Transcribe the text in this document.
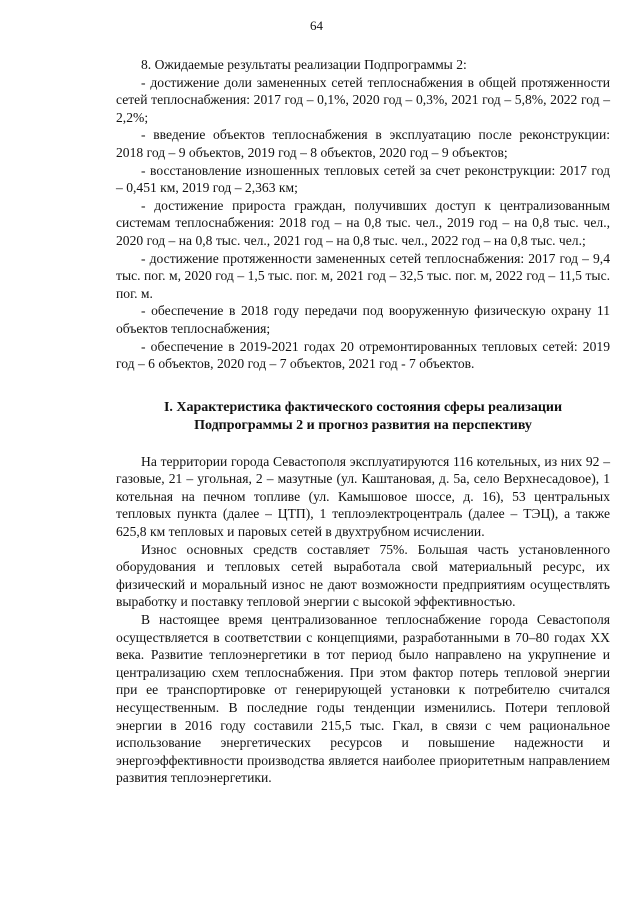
64

8. Ожидаемые результаты реализации Подпрограммы 2:

- достижение доли замененных сетей теплоснабжения в общей протяженности сетей теплоснабжения: 2017 год – 0,1%, 2020 год – 0,3%, 2021 год – 5,8%, 2022 год – 2,2%;

- введение объектов теплоснабжения в эксплуатацию после реконструкции: 2018 год – 9 объектов, 2019 год – 8 объектов, 2020 год – 9 объектов;

- восстановление изношенных тепловых сетей за счет реконструкции: 2017 год – 0,451 км, 2019 год – 2,363 км;

- достижение прироста граждан, получивших доступ к централизованным системам теплоснабжения: 2018 год – на 0,8 тыс. чел., 2019 год – на 0,8 тыс. чел., 2020 год – на 0,8 тыс. чел., 2021 год – на 0,8 тыс. чел., 2022 год – на 0,8 тыс. чел.;

- достижение протяженности замененных сетей теплоснабжения: 2017 год – 9,4 тыс. пог. м, 2020 год – 1,5 тыс. пог. м, 2021 год – 32,5 тыс. пог. м, 2022 год – 11,5 тыс. пог. м.

- обеспечение в 2018 году передачи под вооруженную физическую охрану 11 объектов теплоснабжения;

- обеспечение в 2019-2021 годах 20 отремонтированных тепловых сетей: 2019 год – 6 объектов, 2020 год – 7 объектов, 2021 год - 7 объектов.

I. Характеристика фактического состояния сферы реализации
Подпрограммы 2 и прогноз развития на перспективу

На территории города Севастополя эксплуатируются 116 котельных, из них 92 – газовые, 21 – угольная, 2 – мазутные (ул. Каштановая, д. 5а, село Верхнесадовое), 1 котельная на печном топливе (ул. Камышовое шоссе, д. 16), 53 центральных тепловых пункта (далее – ЦТП), 1 теплоэлектроцентраль (далее – ТЭЦ), а также 625,8 км тепловых и паровых сетей в двухтрубном исчислении.

Износ основных средств составляет 75%. Большая часть установленного оборудования и тепловых сетей выработала свой материальный ресурс, их физический и моральный износ не дают возможности предприятиям осуществлять выработку и поставку тепловой энергии с высокой эффективностью.

В настоящее время централизованное теплоснабжение города Севастополя осуществляется в соответствии с концепциями, разработанными в 70–80 годах XX века. Развитие теплоэнергетики в тот период было направлено на укрупнение и централизацию схем теплоснабжения. При этом фактор потерь тепловой энергии при ее транспортировке от генерирующей установки к потребителю считался несущественным. В последние годы тенденции изменились. Потери тепловой энергии в 2016 году составили 215,5 тыс. Гкал, в связи с чем рациональное использование энергетических ресурсов и повышение надежности и энергоэффективности производства является наиболее приоритетным направлением развития теплоэнергетики.
